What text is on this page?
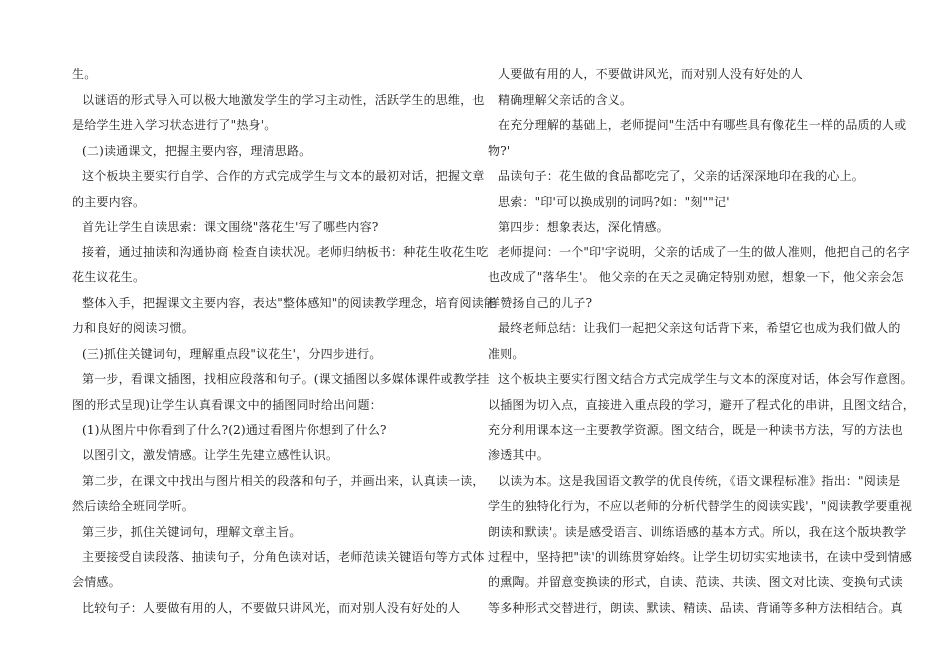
生。
以谜语的形式导入可以极大地激发学生的学习主动性，活跃学生的思维，也
是给学生进入学习状态进行了"热身'。
(二)读通课文，把握主要内容，理清思路。
这个板块主要实行自学、合作的方式完成学生与文本的最初对话，把握文章
的主要内容。
首先让学生自读思索：课文围绕"落花生'写了哪些内容?
接着，通过抽读和沟通协商 检查自读状况。老师归纳板书：种花生收花生吃
花生议花生。
整体入手，把握课文主要内容，表达"整体感知"的阅读教学理念，培育阅读能
力和良好的阅读习惯。
(三)抓住关键词句，理解重点段"议花生'，分四步进行。
第一步，看课文插图，找相应段落和句子。(课文插图以多媒体课件或教学挂
图的形式呈现)让学生认真看课文中的插图同时给出问题：
(1)从图片中你看到了什么?(2)通过看图片你想到了什么?
以图引文，激发情感。让学生先建立感性认识。
第二步，在课文中找出与图片相关的段落和句子，并画出来，认真读一读，
然后读给全班同学听。
第三步，抓住关键词句，理解文章主旨。
主要接受自读段落、抽读句子，分角色读对话，老师范读关键语句等方式体
会情感。
比较句子：人要做有用的人，不要做只讲风光，而对别人没有好处的人
人要做有用的人，不要做讲风光，而对别人没有好处的人
精确理解父亲话的含义。
在充分理解的基础上，老师提问"生活中有哪些具有像花生一样的品质的人或
物?'
品读句子：花生做的食品都吃完了，父亲的话深深地印在我的心上。
思索："印'可以换成别的词吗?如："刻""记'
第四步：想象表达，深化情感。
老师提问：一个"印'字说明，父亲的话成了一生的做人准则，他把自己的名字
也改成了"落华生'。 他父亲的在天之灵确定特别劝慰，想象一下，他父亲会怎
样赞扬自己的儿子?
最终老师总结：让我们一起把父亲这句话背下来，希望它也成为我们做人的
准则。
这个板块主要实行图文结合方式完成学生与文本的深度对话，体会写作意图。
以插图为切入点，直接进入重点段的学习，避开了程式化的串讲，且图文结合，
充分利用课本这一主要教学资源。图文结合，既是一种读书方法，写的方法也
渗透其中。
以读为本。这是我国语文教学的优良传统，《语文课程标准》指出："阅读是
学生的独特化行为，不应以老师的分析代替学生的阅读实践'，"阅读教学要重视
朗读和默读'。读是感受语言、训练语感的基本方式。所以，我在这个版块教学
过程中，坚持把"读'的训练贯穿始终。让学生切切实实地读书，在读中受到情感
的熏陶。并留意变换读的形式，自读、范读、共读、图文对比读、变换句式读
等多种形式交替进行，朗读、默读、精读、品读、背诵等多种方法相结合。真
